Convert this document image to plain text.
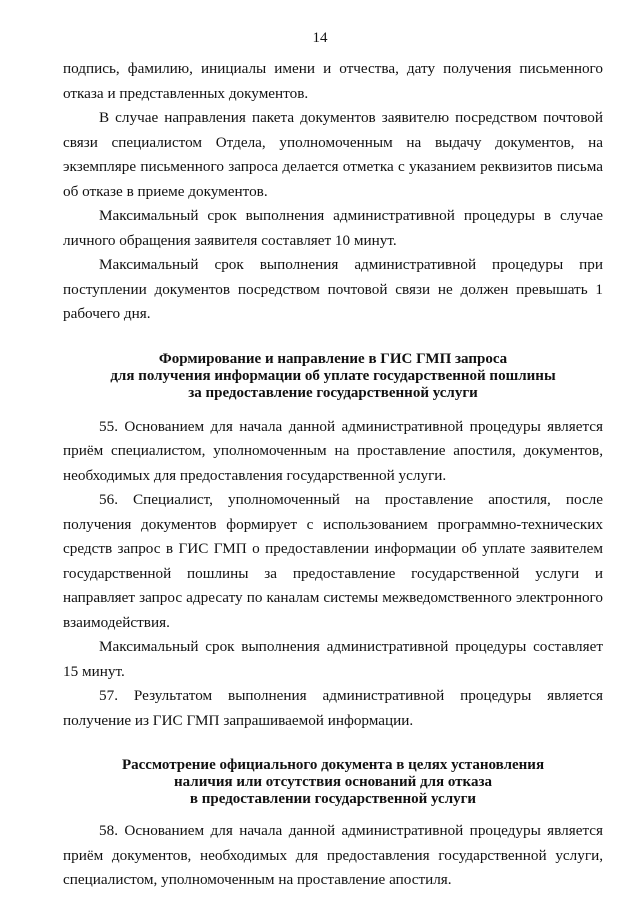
14

подпись, фамилию, инициалы имени и отчества, дату получения письменного отказа и представленных документов.

В случае направления пакета документов заявителю посредством почтовой связи специалистом Отдела, уполномоченным на выдачу документов, на экземпляре письменного запроса делается отметка с указанием реквизитов письма об отказе в приеме документов.

Максимальный срок выполнения административной процедуры в случае личного обращения заявителя составляет 10 минут.

Максимальный срок выполнения административной процедуры при поступлении документов посредством почтовой связи не должен превышать 1 рабочего дня.

Формирование и направление в ГИС ГМП запроса
для получения информации об уплате государственной пошлины
за предоставление государственной услуги

55. Основанием для начала данной административной процедуры является приём специалистом, уполномоченным на проставление апостиля, документов, необходимых для предоставления государственной услуги.

56. Специалист, уполномоченный на проставление апостиля, после получения документов формирует с использованием программно-технических средств запрос в ГИС ГМП о предоставлении информации об уплате заявителем государственной пошлины за предоставление государственной услуги и направляет запрос адресату по каналам системы межведомственного электронного взаимодействия.

Максимальный срок выполнения административной процедуры составляет 15 минут.

57. Результатом выполнения административной процедуры является получение из ГИС ГМП запрашиваемой информации.

Рассмотрение официального документа в целях установления
наличия или отсутствия оснований для отказа
в предоставлении государственной услуги

58. Основанием для начала данной административной процедуры является приём документов, необходимых для предоставления государственной услуги, специалистом, уполномоченным на проставление апостиля.
